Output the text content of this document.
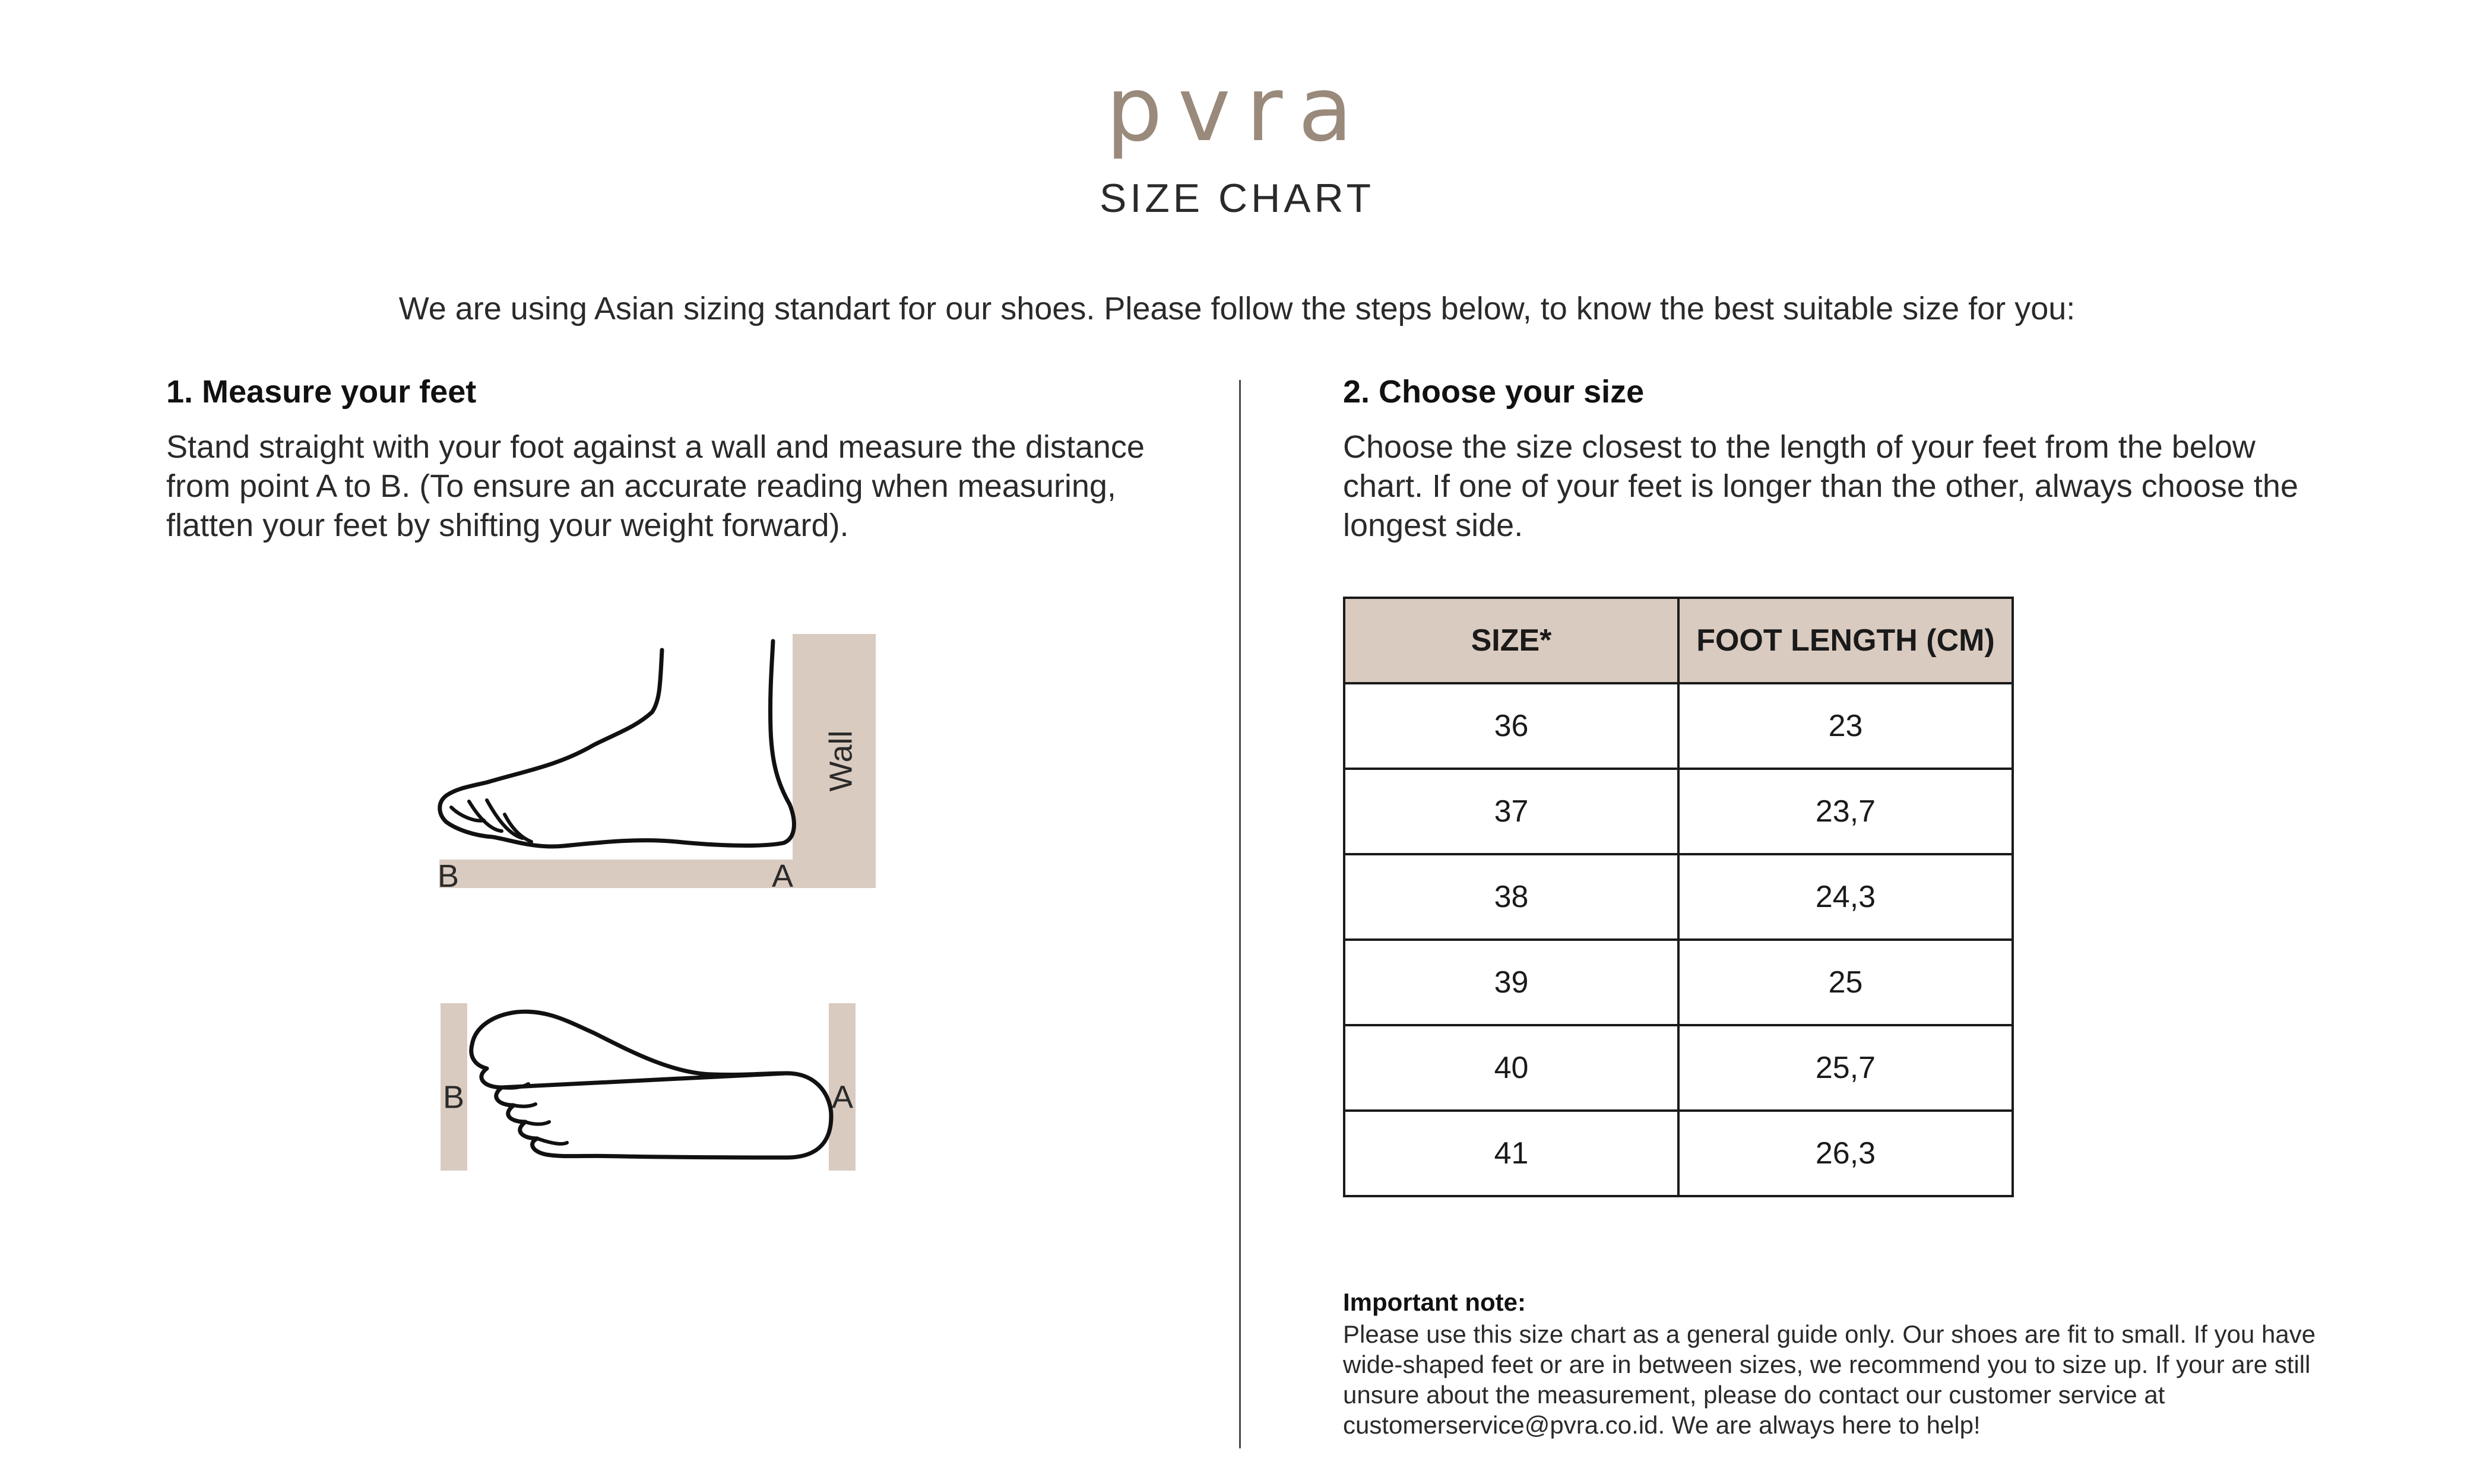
pvra
SIZE CHART
We are using Asian sizing standart for our shoes. Please follow the steps below, to know the best suitable size for you:
1. Measure your feet
Stand straight with your foot against a wall and measure the distance
from point A to B. (To ensure an accurate reading when measuring,
flatten your feet by shifting your weight forward).
Wall
B	A
B	A
2. Choose your size
Choose the size closest to the length of your feet from the below
chart. If one of your feet is longer than the other, always choose the
longest side.
SIZE*	FOOT LENGTH (CM)
36	23
37	23,7
38	24,3
39	25
40	25,7
41	26,3
Important note:
Please use this size chart as a general guide only. Our shoes are fit to small. If you have
wide-shaped feet or are in between sizes, we recommend you to size up. If your are still
unsure about the measurement, please do contact our customer service at
customerservice@pvra.co.id. We are always here to help!
